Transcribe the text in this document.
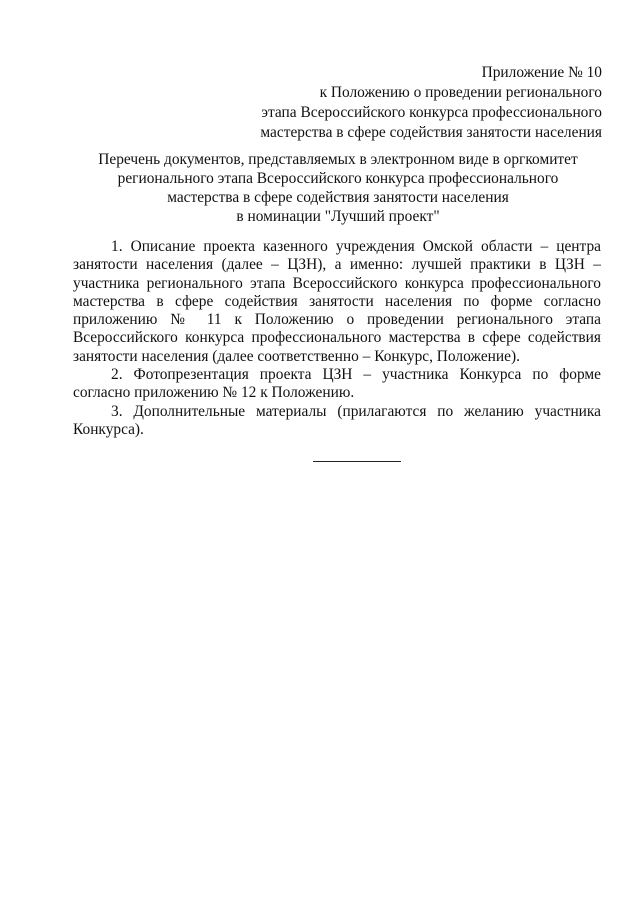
Приложение № 10
к Положению о проведении регионального
этапа Всероссийского конкурса профессионального
мастерства в сфере содействия занятости населения
Перечень документов, представляемых в электронном виде в оргкомитет
регионального этапа Всероссийского конкурса профессионального
мастерства в сфере содействия занятости населения
в номинации "Лучший проект"

1. Описание проекта казенного учреждения Омской области – центра занятости населения (далее – ЦЗН), а именно: лучшей практики в ЦЗН – участника регионального этапа Всероссийского конкурса профессионального мастерства в сфере содействия занятости населения по форме согласно приложению № 11 к Положению о проведении регионального этапа Всероссийского конкурса профессионального мастерства в сфере содействия занятости населения (далее соответственно – Конкурс, Положение).

2. Фотопрезентация проекта ЦЗН – участника Конкурса по форме согласно приложению № 12 к Положению.

3. Дополнительные материалы (прилагаются по желанию участника Конкурса).
